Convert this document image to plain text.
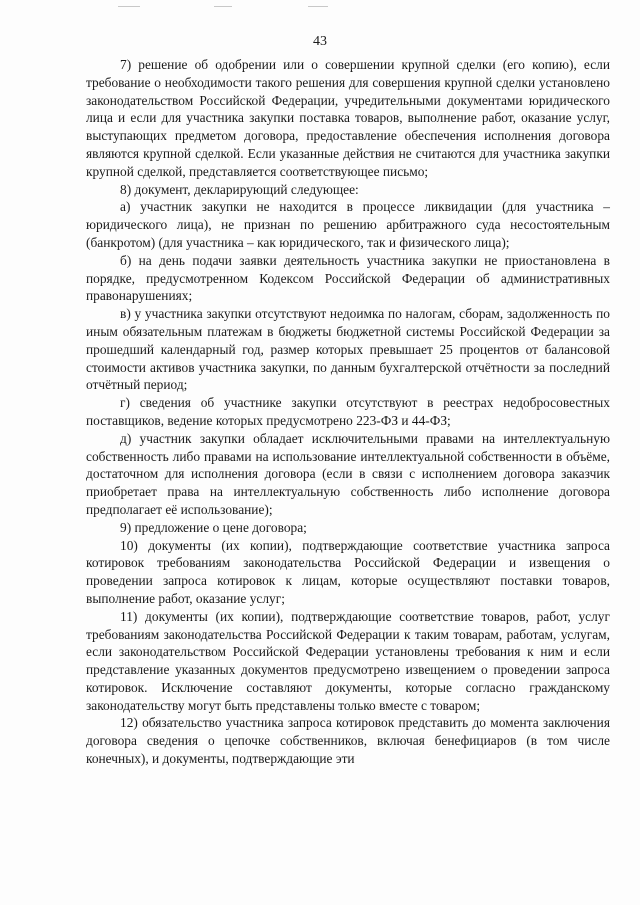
43

7) решение об одобрении или о совершении крупной сделки (его копию), если требование о необходимости такого решения для совершения крупной сделки установлено законодательством Российской Федерации, учредительными документами юридического лица и если для участника закупки поставка товаров, выполнение работ, оказание услуг, выступающих предметом договора, предоставление обеспечения исполнения договора являются крупной сделкой. Если указанные действия не считаются для участника закупки крупной сделкой, представляется соответствующее письмо;

8) документ, декларирующий следующее:

а) участник закупки не находится в процессе ликвидации (для участника – юридического лица), не признан по решению арбитражного суда несостоятельным (банкротом) (для участника – как юридического, так и физического лица);

б) на день подачи заявки деятельность участника закупки не приостановлена в порядке, предусмотренном Кодексом Российской Федерации об административных правонарушениях;

в) у участника закупки отсутствуют недоимка по налогам, сборам, задолженность по иным обязательным платежам в бюджеты бюджетной системы Российской Федерации за прошедший календарный год, размер которых превышает 25 процентов от балансовой стоимости активов участника закупки, по данным бухгалтерской отчётности за последний отчётный период;

г) сведения об участнике закупки отсутствуют в реестрах недобросовестных поставщиков, ведение которых предусмотрено 223-ФЗ и 44-ФЗ;

д) участник закупки обладает исключительными правами на интеллектуальную собственность либо правами на использование интеллектуальной собственности в объёме, достаточном для исполнения договора (если в связи с исполнением договора заказчик приобретает права на интеллектуальную собственность либо исполнение договора предполагает её использование);

9) предложение о цене договора;

10) документы (их копии), подтверждающие соответствие участника запроса котировок требованиям законодательства Российской Федерации и извещения о проведении запроса котировок к лицам, которые осуществляют поставки товаров, выполнение работ, оказание услуг;

11) документы (их копии), подтверждающие соответствие товаров, работ, услуг требованиям законодательства Российской Федерации к таким товарам, работам, услугам, если законодательством Российской Федерации установлены требования к ним и если представление указанных документов предусмотрено извещением о проведении запроса котировок. Исключение составляют документы, которые согласно гражданскому законодательству могут быть представлены только вместе с товаром;

12) обязательство участника запроса котировок представить до момента заключения договора сведения о цепочке собственников, включая бенефициаров (в том числе конечных), и документы, подтверждающие эти
